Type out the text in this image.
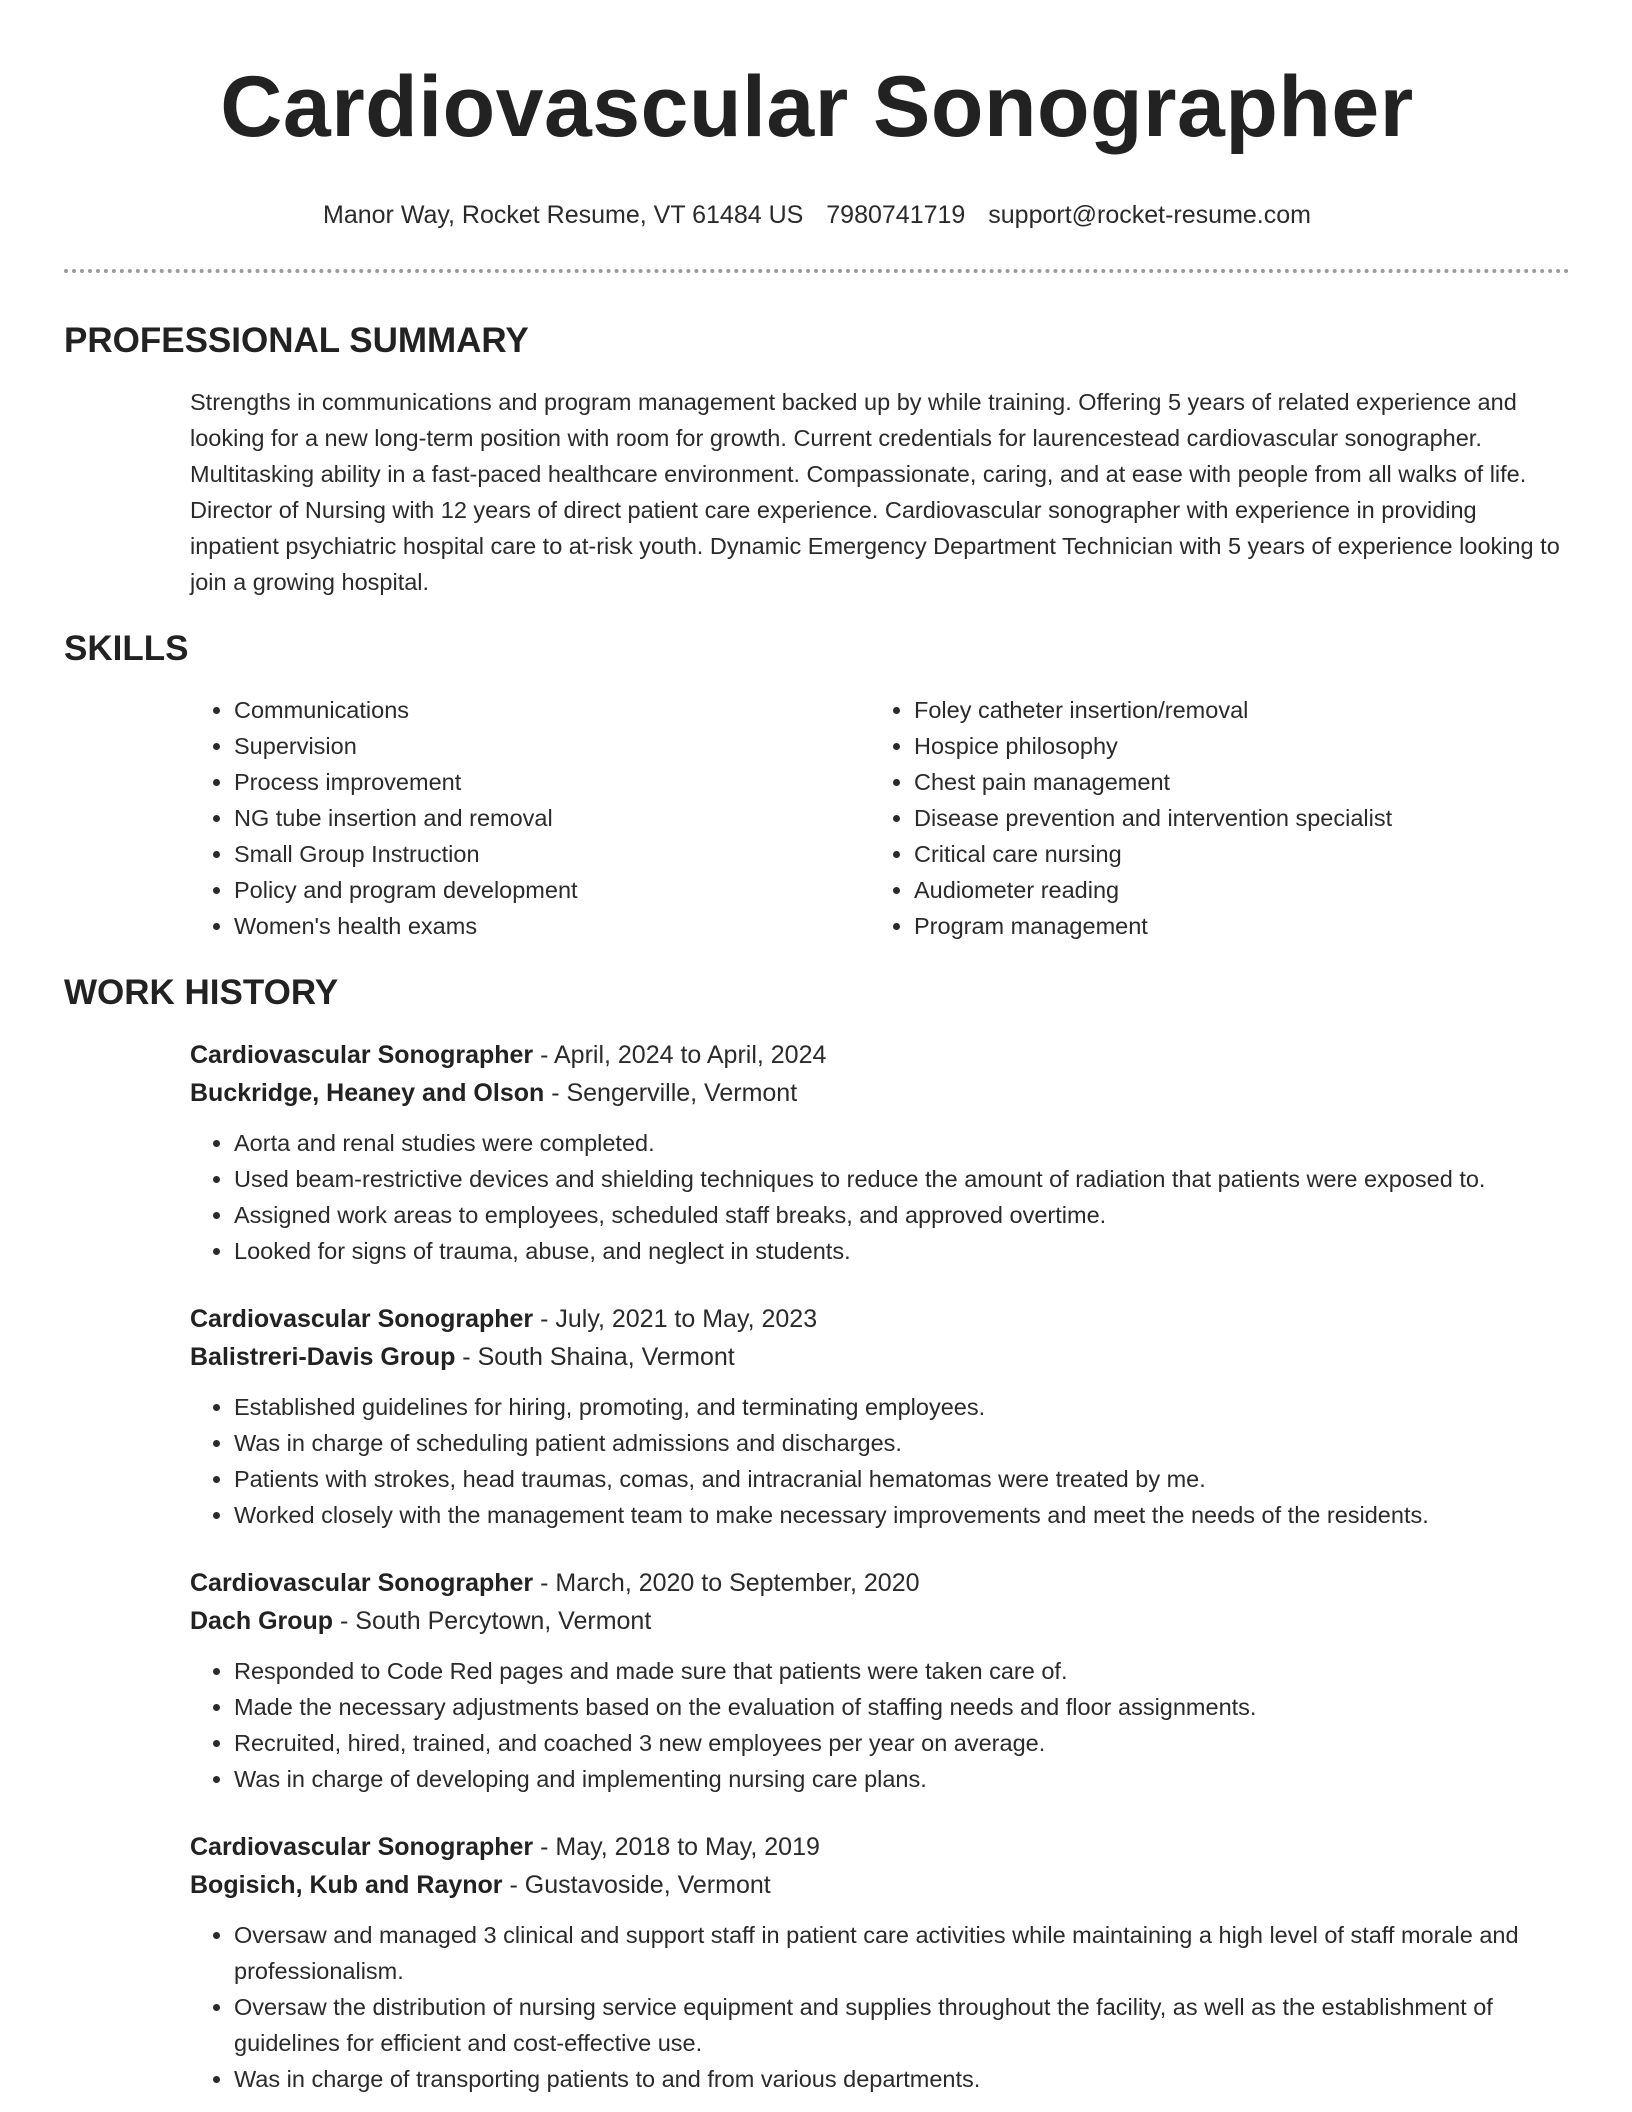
Cardiovascular Sonographer
Manor Way, Rocket Resume, VT 61484 US 7980741719 support@rocket-resume.com
PROFESSIONAL SUMMARY
Strengths in communications and program management backed up by while training. Offering 5 years of related experience and looking for a new long-term position with room for growth. Current credentials for laurencestead cardiovascular sonographer. Multitasking ability in a fast-paced healthcare environment. Compassionate, caring, and at ease with people from all walks of life. Director of Nursing with 12 years of direct patient care experience. Cardiovascular sonographer with experience in providing inpatient psychiatric hospital care to at-risk youth. Dynamic Emergency Department Technician with 5 years of experience looking to join a growing hospital.
SKILLS
• Communications
• Supervision
• Process improvement
• NG tube insertion and removal
• Small Group Instruction
• Policy and program development
• Women's health exams
• Foley catheter insertion/removal
• Hospice philosophy
• Chest pain management
• Disease prevention and intervention specialist
• Critical care nursing
• Audiometer reading
• Program management
WORK HISTORY
Cardiovascular Sonographer - April, 2024 to April, 2024
Buckridge, Heaney and Olson - Sengerville, Vermont
• Aorta and renal studies were completed.
• Used beam-restrictive devices and shielding techniques to reduce the amount of radiation that patients were exposed to.
• Assigned work areas to employees, scheduled staff breaks, and approved overtime.
• Looked for signs of trauma, abuse, and neglect in students.
Cardiovascular Sonographer - July, 2021 to May, 2023
Balistreri-Davis Group - South Shaina, Vermont
• Established guidelines for hiring, promoting, and terminating employees.
• Was in charge of scheduling patient admissions and discharges.
• Patients with strokes, head traumas, comas, and intracranial hematomas were treated by me.
• Worked closely with the management team to make necessary improvements and meet the needs of the residents.
Cardiovascular Sonographer - March, 2020 to September, 2020
Dach Group - South Percytown, Vermont
• Responded to Code Red pages and made sure that patients were taken care of.
• Made the necessary adjustments based on the evaluation of staffing needs and floor assignments.
• Recruited, hired, trained, and coached 3 new employees per year on average.
• Was in charge of developing and implementing nursing care plans.
Cardiovascular Sonographer - May, 2018 to May, 2019
Bogisich, Kub and Raynor - Gustavoside, Vermont
• Oversaw and managed 3 clinical and support staff in patient care activities while maintaining a high level of staff morale and professionalism.
• Oversaw the distribution of nursing service equipment and supplies throughout the facility, as well as the establishment of guidelines for efficient and cost-effective use.
• Was in charge of transporting patients to and from various departments.
